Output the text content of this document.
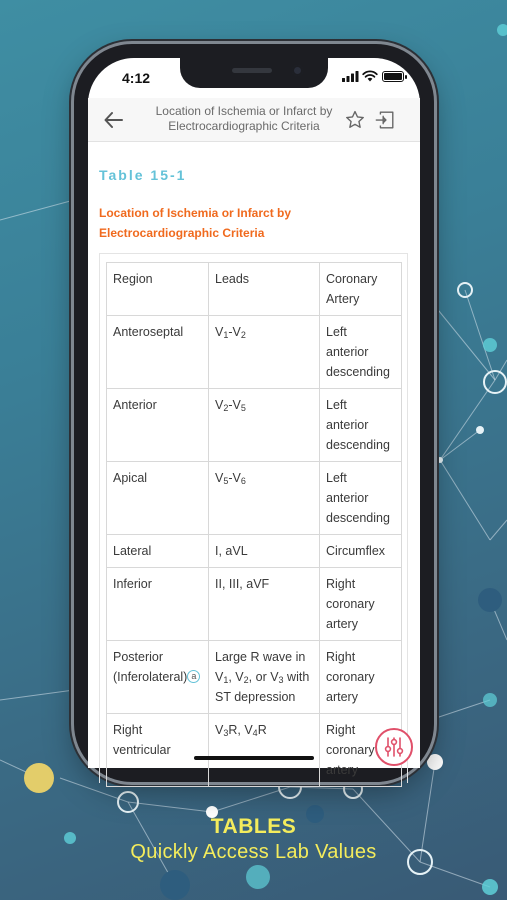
4:12
Location of Ischemia or Infarct by
Electrocardiographic Criteria
Table 15-1
Location of Ischemia or Infarct by
Electrocardiographic Criteria
Region	Leads	Coronary
Artery
Anteroseptal	$V_1-V_2$	Left
anterior
descending
Anterior	$V_2-V_5$	Left
anterior
descending
Apical	$V_5-V_6$	Left
anterior
descending
Lateral	I, aVL	Circumflex
Inferior	II, III, aVF	Right
coronary
artery
Posterior
(Inferolateral) a	Large R wave in
$V_1$, $V_2$, or $V_3$ with
ST depression	Right
coronary
artery
Right
ventricular	$V_3R$, $V_4R$	Right
coronary
artery
TABLES
Quickly Access Lab Values
